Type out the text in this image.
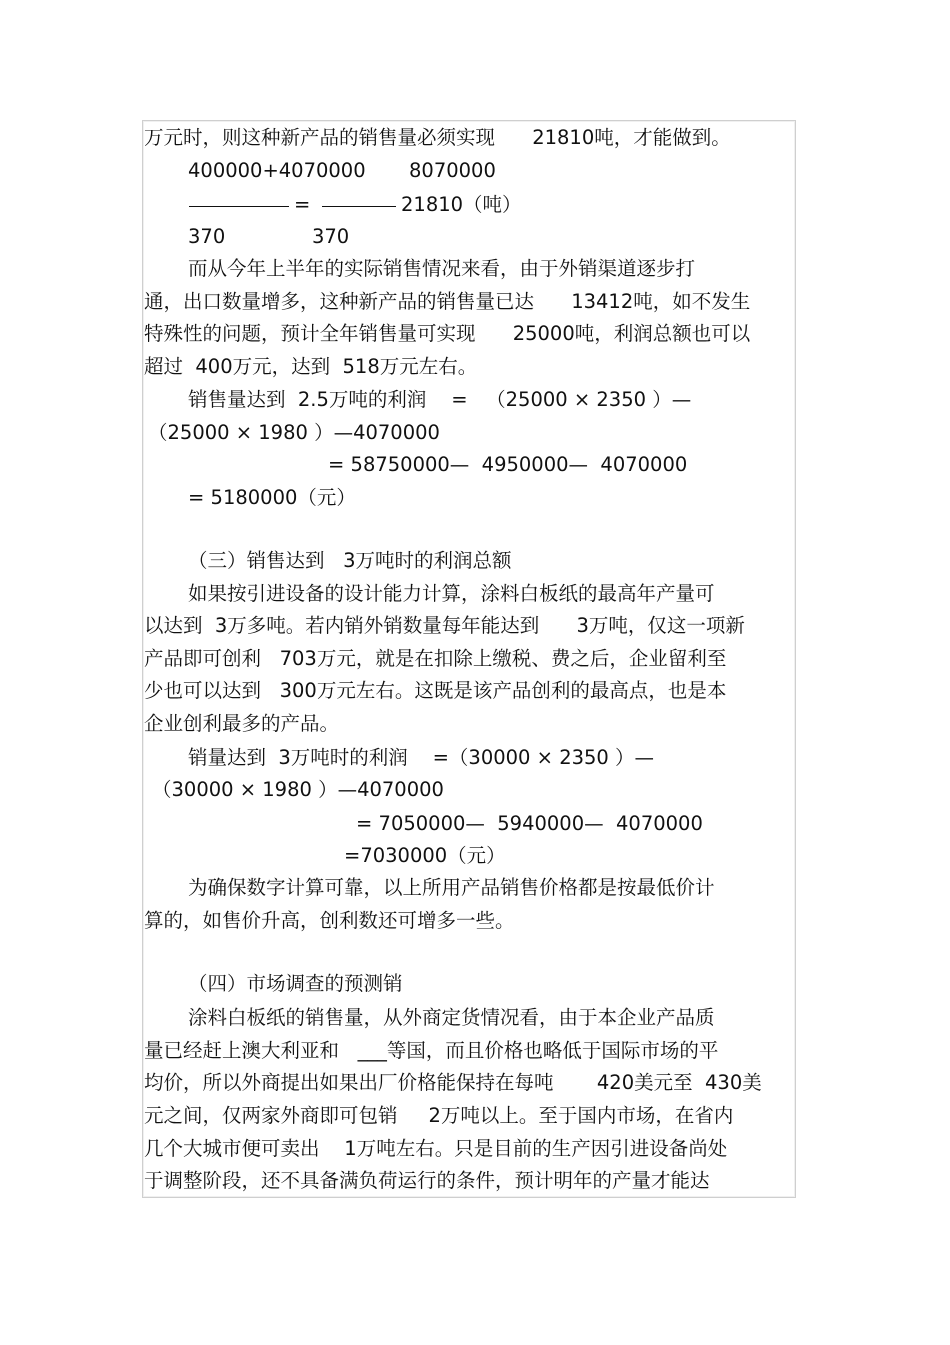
万元时，则这种新产品的销售量必须实现      21810吨，才能做到。
400000+4070000       8070000
=	21810（吨）
370              370
而从今年上半年的实际销售情况来看，由于外销渠道逐步打
通，出口数量增多，这种新产品的销售量已达      13412吨，如不发生
特殊性的问题，预计全年销售量可实现      25000吨，利润总额也可以
超过  400万元，达到  518万元左右。
销售量达到  2.5万吨的利润    =   （25000 × 2350 ）—
（25000 × 1980 ）—4070000
= 58750000—  4950000—  4070000
= 5180000（元）
（三）销售达到   3万吨时的利润总额
如果按引进设备的设计能力计算，涂料白板纸的最高年产量可
以达到  3万多吨。若内销外销数量每年能达到      3万吨，仅这一项新
产品即可创利   703万元，就是在扣除上缴税、费之后，企业留利至
少也可以达到   300万元左右。这既是该产品创利的最高点，也是本
企业创利最多的产品。
销量达到  3万吨时的利润    =（30000 × 2350 ）—
（30000 × 1980 ）—4070000
= 7050000—  5940000—  4070000
=7030000（元）
为确保数字计算可靠，以上所用产品销售价格都是按最低价计
算的，如售价升高，创利数还可增多一些。
（四）市场调查的预测销
涂料白板纸的销售量，从外商定货情况看，由于本企业产品质
量已经赶上澳大利亚和   ___等国，而且价格也略低于国际市场的平
均价，所以外商提出如果出厂价格能保持在每吨       420美元至  430美
元之间，仅两家外商即可包销     2万吨以上。至于国内市场，在省内
几个大城市便可卖出    1万吨左右。只是目前的生产因引进设备尚处
于调整阶段，还不具备满负荷运行的条件，预计明年的产量才能达
